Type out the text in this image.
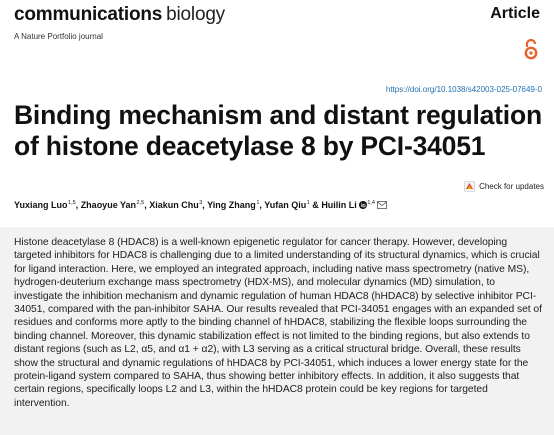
communications biology	Article
A Nature Portfolio journal
https://doi.org/10.1038/s42003-025-07649-0
Binding mechanism and distant regulation of histone deacetylase 8 by PCI-34051
Check for updates
Yuxiang Luo$^{1,5}$, Zhaoyue Yan$^{2,5}$, Xiakun Chu$^3$, Ying Zhang$^1$, Yufan Qiu$^1$ & Huilin Li $^{1,4}$

Histone deacetylase 8 (HDAC8) is a well-known epigenetic regulator for cancer therapy. However, developing targeted inhibitors for HDAC8 is challenging due to a limited understanding of its structural dynamics, which is crucial for ligand interaction. Here, we employed an integrated approach, including native mass spectrometry (native MS), hydrogen-deuterium exchange mass spectrometry (HDX-MS), and molecular dynamics (MD) simulation, to investigate the inhibition mechanism and dynamic regulation of human HDAC8 (hHDAC8) by selective inhibitor PCI-34051, compared with the pan-inhibitor SAHA. Our results revealed that PCI-34051 engages with an expanded set of residues and conforms more aptly to the binding channel of hHDAC8, stabilizing the flexible loops surrounding the binding channel. Moreover, this dynamic stabilization effect is not limited to the binding regions, but also extends to distant regions (such as L2, α5, and α1 + α2), with L3 serving as a critical structural bridge. Overall, these results show the structural and dynamic regulations of hHDAC8 by PCI-34051, which induces a lower energy state for the protein-ligand system compared to SAHA, thus showing better inhibitory effects. In addition, it also suggests that certain regions, specifically loops L2 and L3, within the hHDAC8 protein could be key regions for targeted intervention.
